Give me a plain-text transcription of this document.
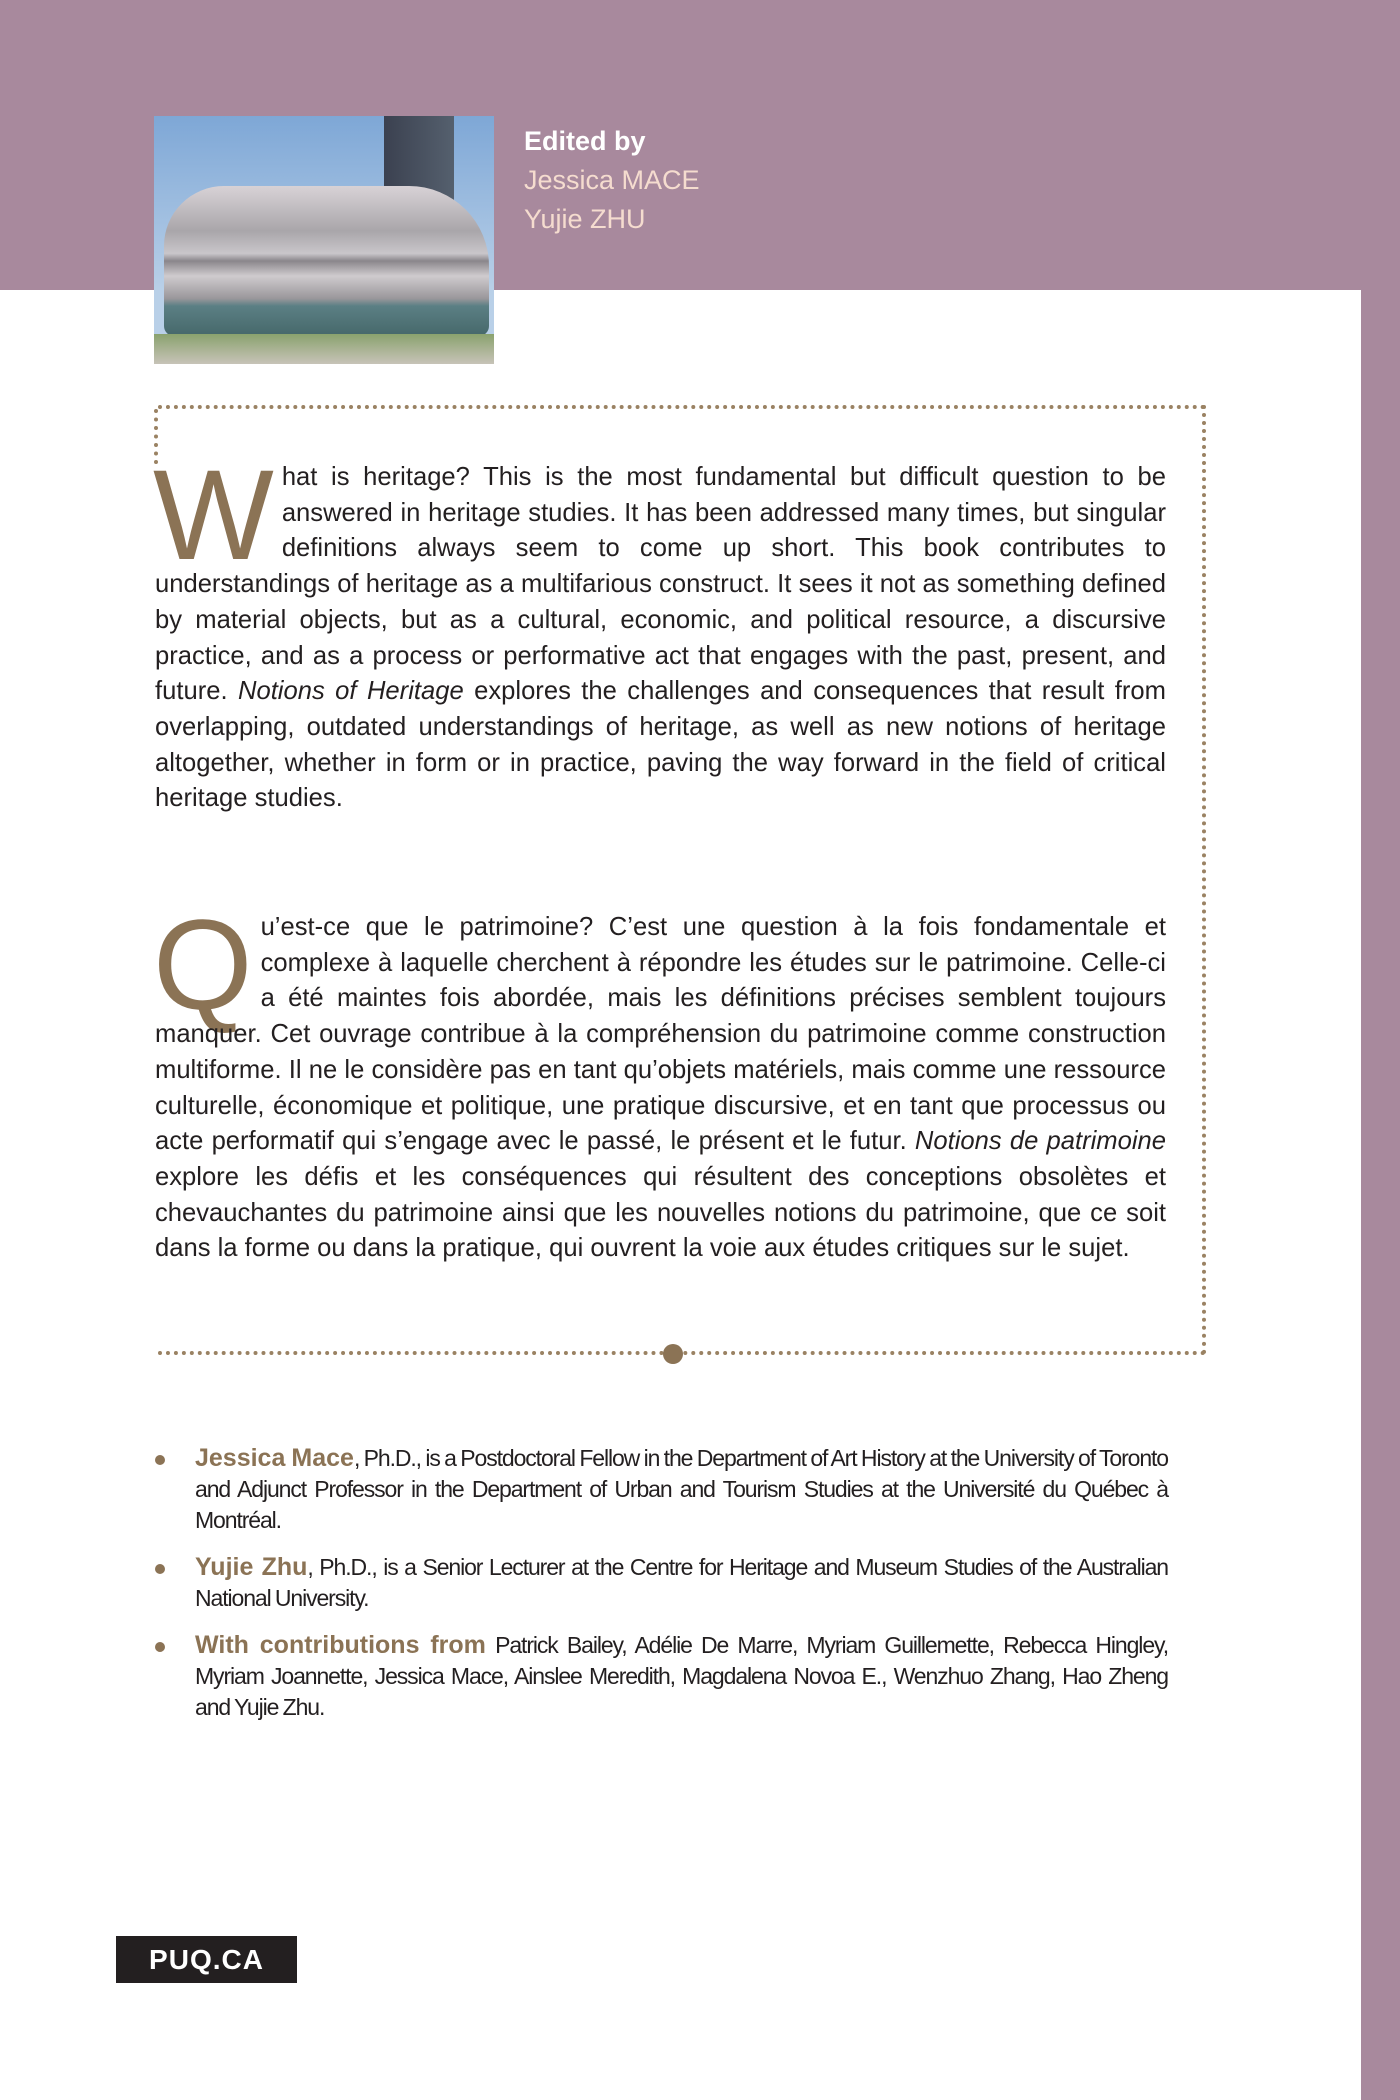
Edited by
Jessica MACE
Yujie ZHU

What is heritage? This is the most fundamental but difficult question to be answered in heritage studies. It has been addressed many times, but singular definitions always seem to come up short. This book contributes to understandings of heritage as a multifarious construct. It sees it not as something defined by material objects, but as a cultural, economic, and political resource, a discursive practice, and as a process or performative act that engages with the past, present, and future. Notions of Heritage explores the challenges and consequences that result from overlapping, outdated understandings of heritage, as well as new notions of heritage altogether, whether in form or in practice, paving the way forward in the field of critical heritage studies.

Qu’est-ce que le patrimoine? C’est une question à la fois fondamentale et complexe à laquelle cherchent à répondre les études sur le patrimoine. Celle-ci a été maintes fois abordée, mais les définitions précises semblent toujours manquer. Cet ouvrage contribue à la compréhension du patrimoine comme construction multiforme. Il ne le considère pas en tant qu’objets matériels, mais comme une ressource culturelle, économique et politique, une pratique discursive, et en tant que processus ou acte performatif qui s’engage avec le passé, le présent et le futur. Notions de patrimoine explore les défis et les conséquences qui résultent des conceptions obsolètes et chevauchantes du patrimoine ainsi que les nouvelles notions du patrimoine, que ce soit dans la forme ou dans la pratique, qui ouvrent la voie aux études critiques sur le sujet.

Jessica Mace, Ph.D., is a Postdoctoral Fellow in the Department of Art History at the University of Toronto and Adjunct Professor in the Department of Urban and Tourism Studies at the Université du Québec à Montréal.
Yujie Zhu, Ph.D., is a Senior Lecturer at the Centre for Heritage and Museum Studies of the Australian National University.
With contributions from Patrick Bailey, Adélie De Marre, Myriam Guillemette, Rebecca Hingley, Myriam Joannette, Jessica Mace, Ainslee Meredith, Magdalena Novoa E., Wenzhuo Zhang, Hao Zheng and Yujie Zhu.
PUQ.CA
